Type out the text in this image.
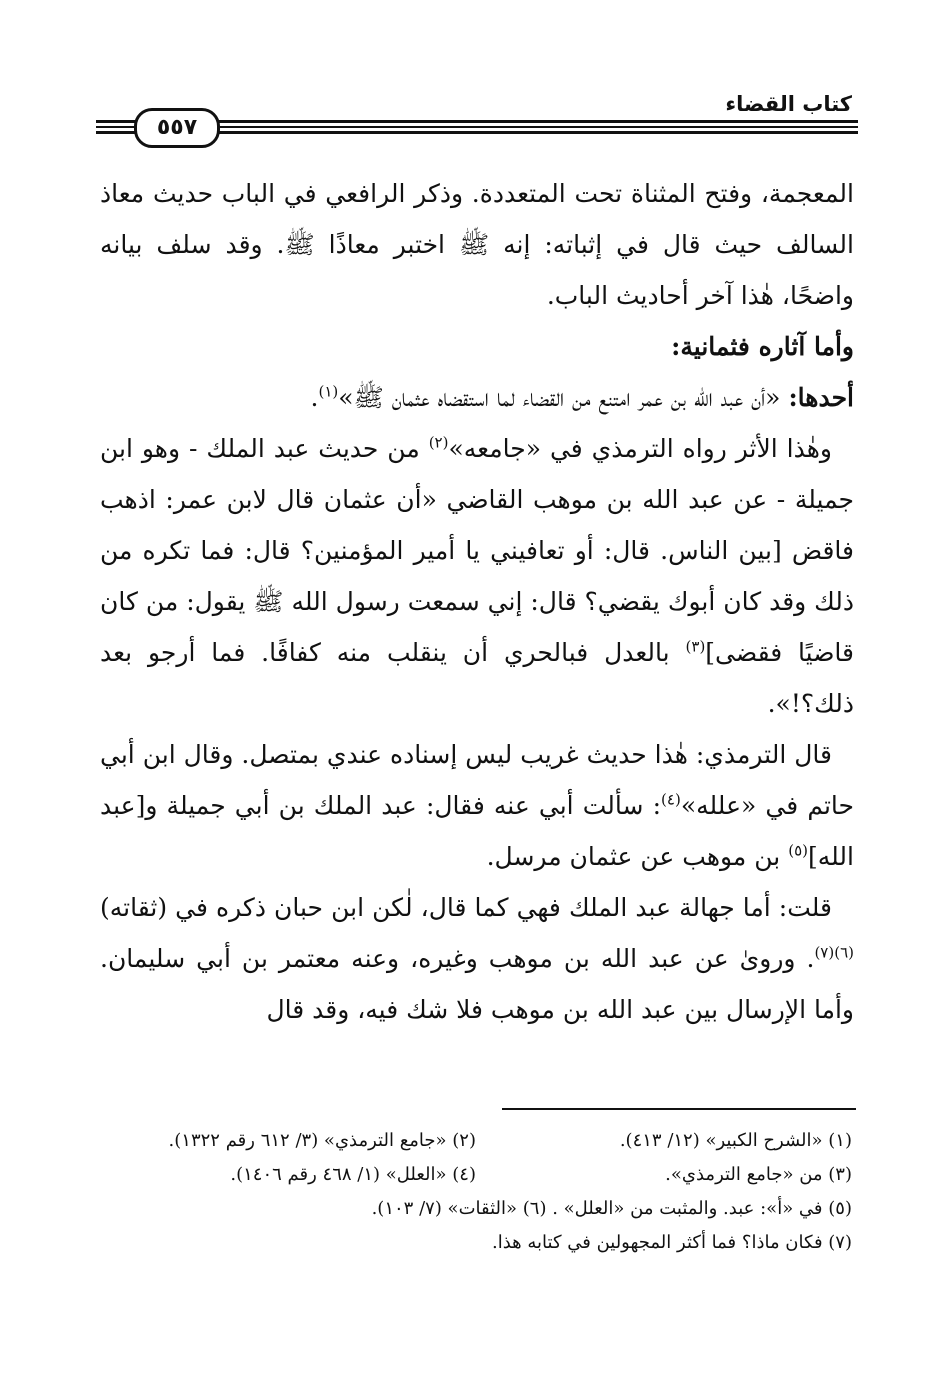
كتاب القضاء
٥٥٧

المعجمة، وفتح المثناة تحت المتعددة. وذكر الرافعي في الباب حديث معاذ السالف حيث قال في إثباته: إنه ﷺ اختبر معاذًا ﷺ. وقد سلف بيانه واضحًا، هٰذا آخر أحاديث الباب.

وأما آثاره فثمانية:

أحدها: «أن عبد الله بن عمر امتنع من القضاء لما استقضاه عثمان ﷺ»$^{(١)}$.

وهٰذا الأثر رواه الترمذي في «جامعه»$^{(٢)}$ من حديث عبد الملك - وهو ابن جميلة - عن عبد الله بن موهب القاضي «أن عثمان قال لابن عمر: اذهب فاقض [بين الناس. قال: أو تعافيني يا أمير المؤمنين؟ قال: فما تكره من ذلك وقد كان أبوك يقضي؟ قال: إني سمعت رسول الله ﷺ يقول: من كان قاضيًا فقضى]$^{(٣)}$ بالعدل فبالحري أن ينقلب منه كفافًا. فما أرجو بعد ذلك؟!».

قال الترمذي: هٰذا حديث غريب ليس إسناده عندي بمتصل. وقال ابن أبي حاتم في «علله»$^{(٤)}$: سألت أبي عنه فقال: عبد الملك بن أبي جميلة و[عبد الله]$^{(٥)}$ بن موهب عن عثمان مرسل.

قلت: أما جهالة عبد الملك فهي كما قال، لٰكن ابن حبان ذكره في (ثقاته)$^{(٦)(٧)}$. وروىٰ عن عبد الله بن موهب وغيره، وعنه معتمر بن أبي سليمان. وأما الإرسال بين عبد الله بن موهب فلا شك فيه، وقد قال

(١) «الشرح الكبير» (١٢/ ٤١٣).
(٢) «جامع الترمذي» (٣/ ٦١٢ رقم ١٣٢٢).
(٣) من «جامع الترمذي».
(٤) «العلل» (١/ ٤٦٨ رقم ١٤٠٦).
(٥) في «أ»: عبد. والمثبت من «العلل» . (٦) «الثقات» (٧/ ١٠٣).
(٧) فكان ماذا؟ فما أكثر المجهولين في كتابه هذا.
